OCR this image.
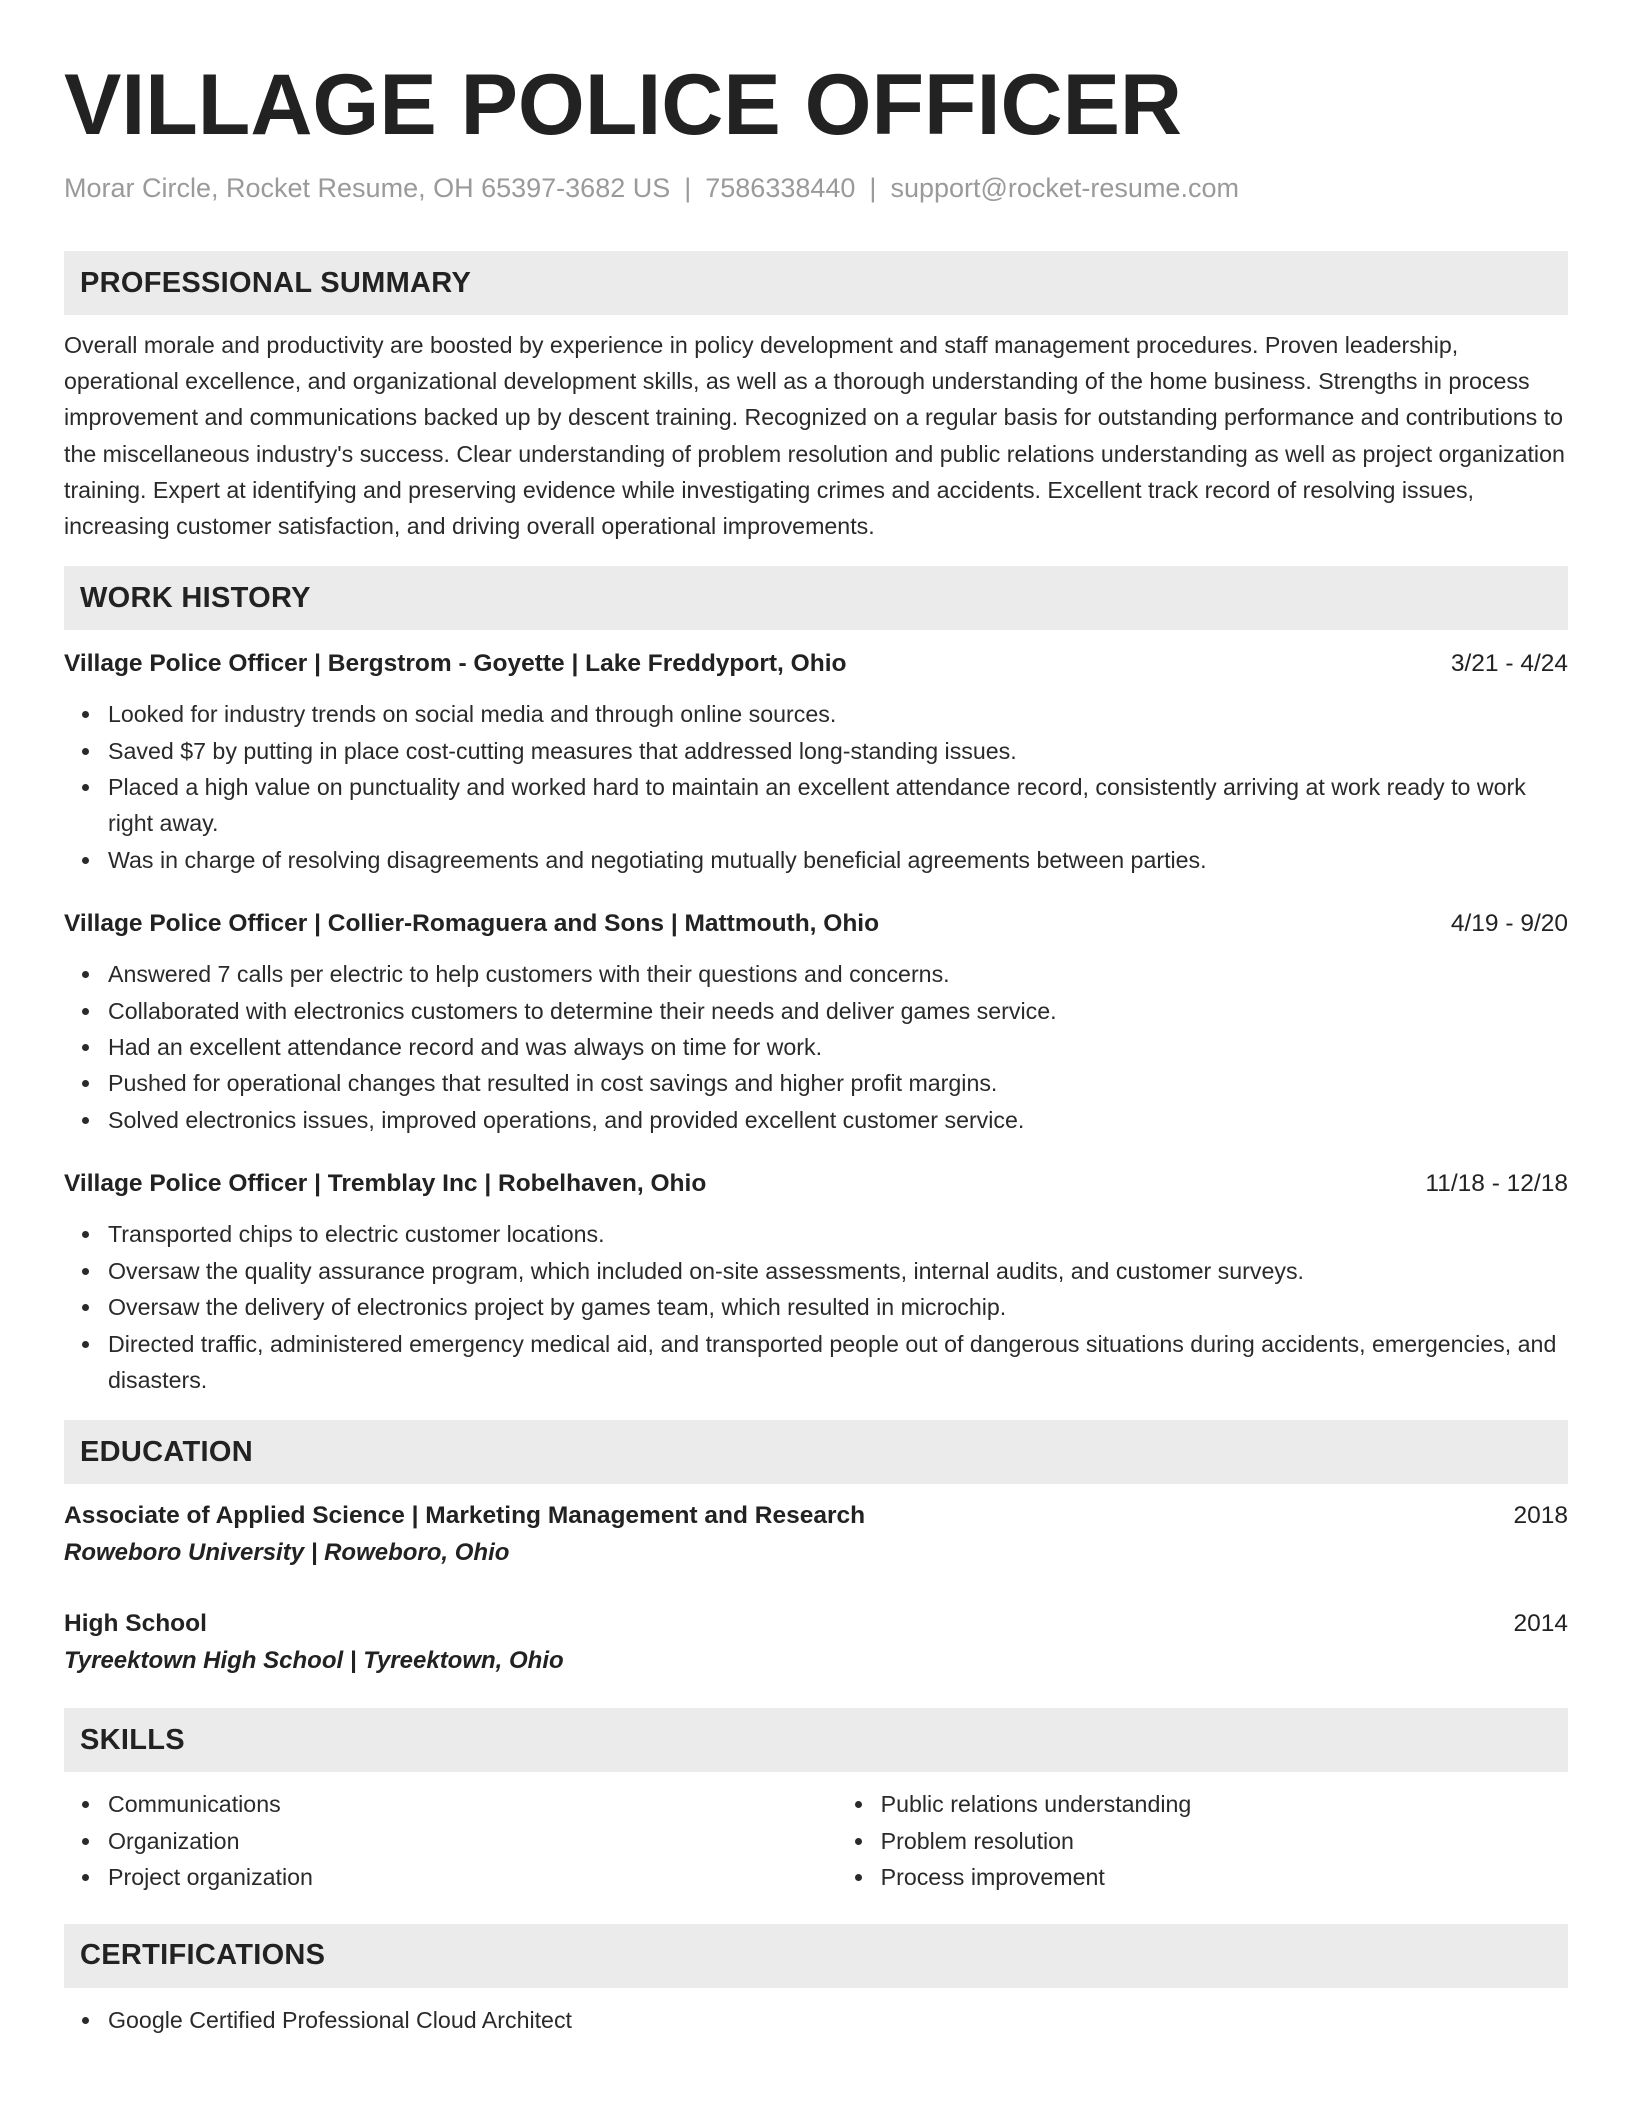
VILLAGE POLICE OFFICER
Morar Circle, Rocket Resume, OH 65397-3682 US | 7586338440 | support@rocket-resume.com
PROFESSIONAL SUMMARY
Overall morale and productivity are boosted by experience in policy development and staff management procedures. Proven leadership, operational excellence, and organizational development skills, as well as a thorough understanding of the home business. Strengths in process improvement and communications backed up by descent training. Recognized on a regular basis for outstanding performance and contributions to the miscellaneous industry's success. Clear understanding of problem resolution and public relations understanding as well as project organization training. Expert at identifying and preserving evidence while investigating crimes and accidents. Excellent track record of resolving issues, increasing customer satisfaction, and driving overall operational improvements.
WORK HISTORY
Village Police Officer | Bergstrom - Goyette | Lake Freddyport, Ohio	3/21 - 4/24
Looked for industry trends on social media and through online sources.
Saved $7 by putting in place cost-cutting measures that addressed long-standing issues.
Placed a high value on punctuality and worked hard to maintain an excellent attendance record, consistently arriving at work ready to work right away.
Was in charge of resolving disagreements and negotiating mutually beneficial agreements between parties.
Village Police Officer | Collier-Romaguera and Sons | Mattmouth, Ohio	4/19 - 9/20
Answered 7 calls per electric to help customers with their questions and concerns.
Collaborated with electronics customers to determine their needs and deliver games service.
Had an excellent attendance record and was always on time for work.
Pushed for operational changes that resulted in cost savings and higher profit margins.
Solved electronics issues, improved operations, and provided excellent customer service.
Village Police Officer | Tremblay Inc | Robelhaven, Ohio	11/18 - 12/18
Transported chips to electric customer locations.
Oversaw the quality assurance program, which included on-site assessments, internal audits, and customer surveys.
Oversaw the delivery of electronics project by games team, which resulted in microchip.
Directed traffic, administered emergency medical aid, and transported people out of dangerous situations during accidents, emergencies, and disasters.
EDUCATION
Associate of Applied Science | Marketing Management and Research	2018
Roweboro University | Roweboro, Ohio
High School	2014
Tyreektown High School | Tyreektown, Ohio
SKILLS
Communications
Organization
Project organization
Public relations understanding
Problem resolution
Process improvement
CERTIFICATIONS
Google Certified Professional Cloud Architect
